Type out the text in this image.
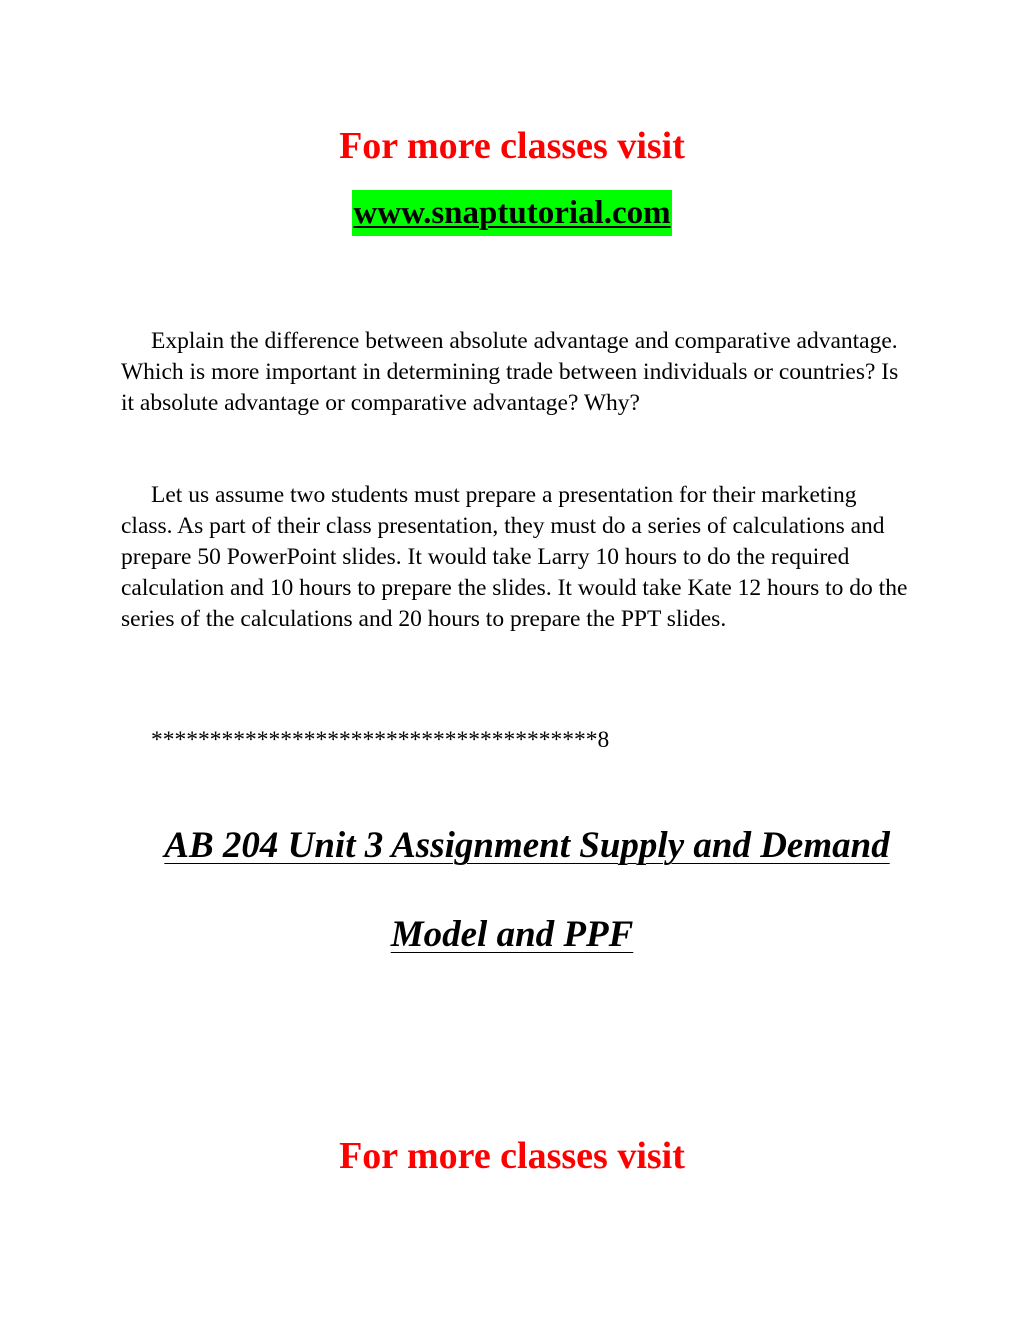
For more classes visit
www.snaptutorial.com

Explain the difference between absolute advantage and comparative advantage. Which is more important in determining trade between individuals or countries? Is it absolute advantage or comparative advantage? Why?

Let us assume two students must prepare a presentation for their marketing class. As part of their class presentation, they must do a series of calculations and prepare 50 PowerPoint slides. It would take Larry 10 hours to do the required calculation and 10 hours to prepare the slides. It would take Kate 12 hours to do the series of the calculations and 20 hours to prepare the PPT slides.

**************************************8

AB 204 Unit 3 Assignment Supply and Demand
Model and PPF
For more classes visit
